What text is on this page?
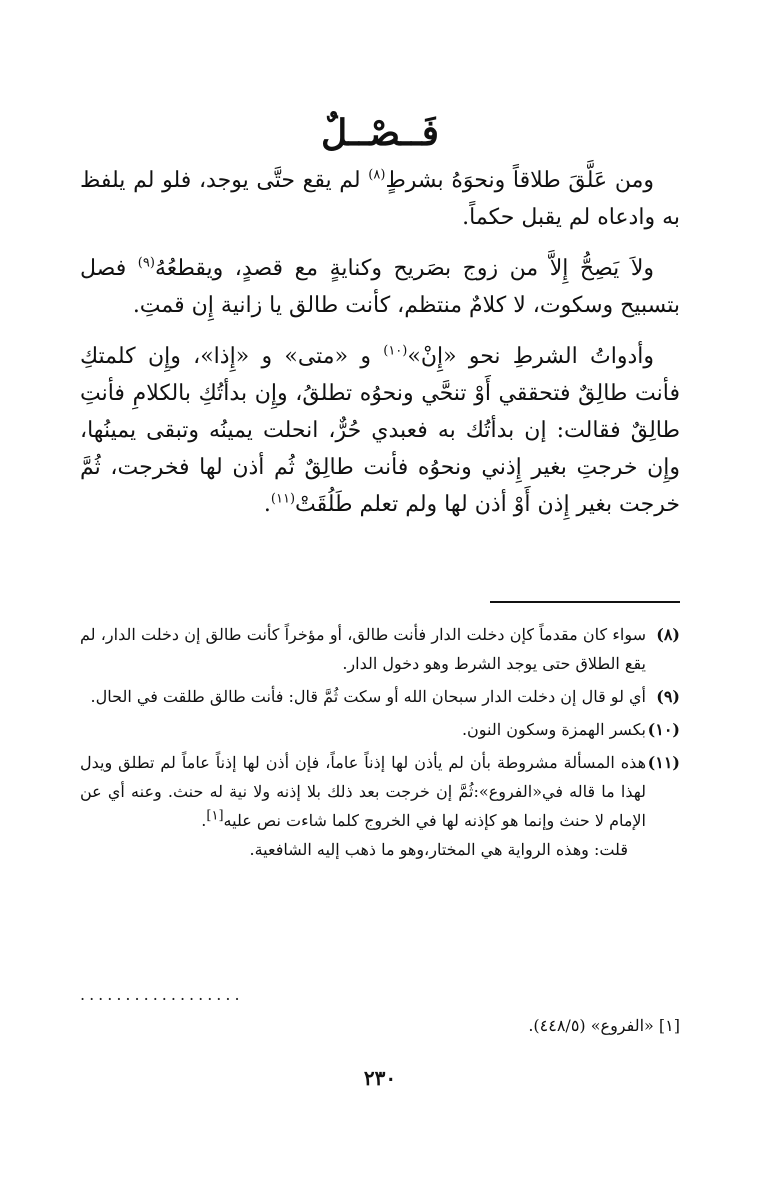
فَــصْــلٌ

ومن عَلَّقَ طلاقاً ونحوَهُ بشرطٍ$^{(٨)}$ لم يقع حتَّى يوجد، فلو لم يلفظ به وادعاه لم يقبل حكماً.

ولاَ يَصِحُّ إِلاَّ من زوج بصَريح وكنايةٍ مع قصدٍ، ويقطعُهُ$^{(٩)}$ فصل بتسبيح وسكوت، لا كلامٌ منتظم، كأنت طالق يا زانية إِن قمتِ.

وأدواتُ الشرطِ نحو «إِنْ»$^{(١٠)}$ و «متى» و «إِذا»، وإِن كلمتكِ فأنت طالِقٌ فتحققي أَوْ تنحَّي ونحوُه تطلقُ، وإِن بدأتُكِ بالكلامِ فأنتِ طالِقٌ فقالت: إن بدأتُك به فعبدي حُرٌّ، انحلت يمينُه وتبقى يمينُها، وإِن خرجتِ بغير إِذني ونحوُه فأنت طالِقٌ ثُم أذن لها فخرجت، ثُمَّ خرجت بغير إِذن أَوْ أذن لها ولم تعلم طَلُقَتْ$^{(١١)}$.

(٨)
سواء كان مقدماً كإن دخلت الدار فأنت طالق، أو مؤخراً كأنت طالق إن دخلت الدار، لم يقع الطلاق حتى يوجد الشرط وهو دخول الدار.
(٩)
أي لو قال إن دخلت الدار سبحان الله أو سكت ثُمَّ قال: فأنت طالق طلقت في الحال.
(١٠)
بكسر الهمزة وسكون النون.
(١١)
هذه المسألة مشروطة بأن لم يأذن لها إذناً عاماً، فإن أذن لها إذناً عاماً لم تطلق ويدل لهذا ما قاله في«الفروع»:ثُمَّ إن خرجت بعد ذلك بلا إذنه ولا نية له حنث. وعنه أي عن الإمام لا حنث وإنما هو كإذنه لها في الخروج كلما شاءت نص عليه[١].
قلت: وهذه الرواية هي المختار،وهو ما ذهب إليه الشافعية.
..................
[١] «الفروع» (٤٤٨/٥).
٢٣٠
